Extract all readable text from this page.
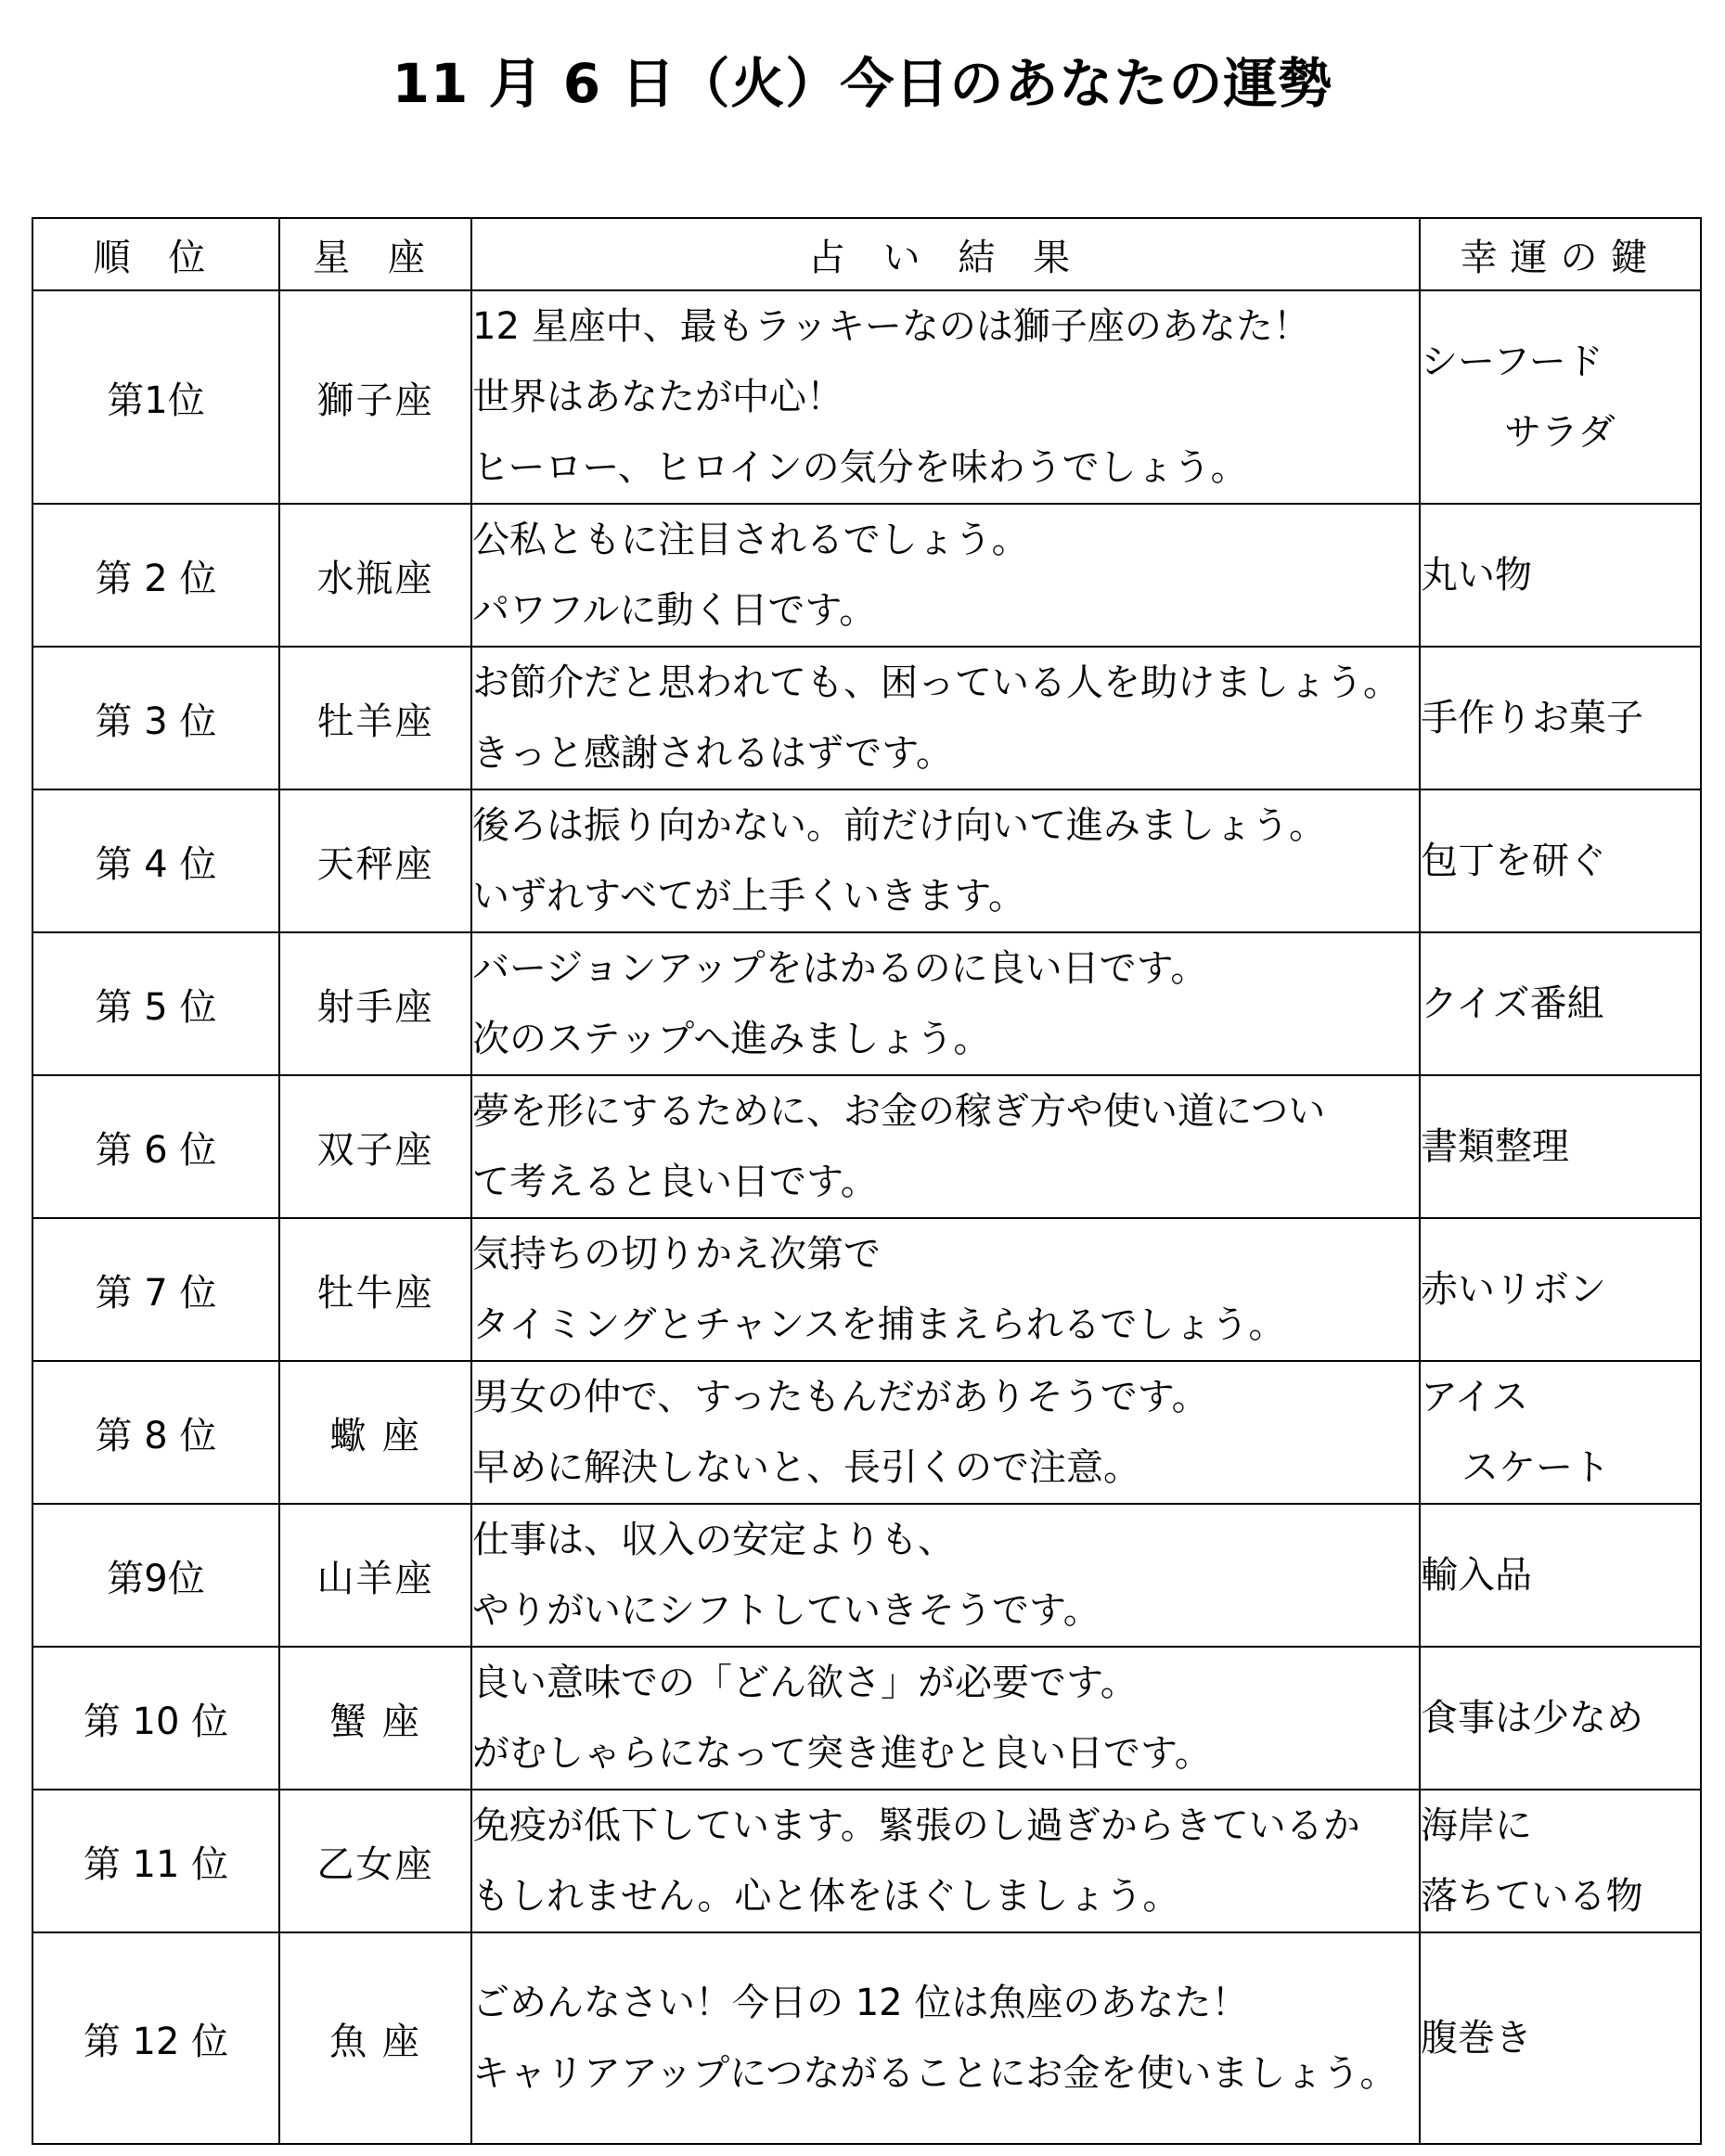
11 月 6 日（火）今日のあなたの運勢
順 位	星 座	占 い 結 果	幸運の鍵
第1位	獅子座	12 星座中、最もラッキーなのは獅子座のあなた！
世界はあなたが中心！
ヒーロー、ヒロインの気分を味わうでしょう。	シーフード
サラダ

第 2 位	水瓶座	公私ともに注目されるでしょう。
パワフルに動く日です。	丸い物

第 3 位	牡羊座	お節介だと思われても、困っている人を助けましょう。
きっと感謝されるはずです。	手作りお菓子

第 4 位	天秤座	後ろは振り向かない。前だけ向いて進みましょう。
いずれすべてが上手くいきます。	包丁を研ぐ

第 5 位	射手座	バージョンアップをはかるのに良い日です。
次のステップへ進みましょう。	クイズ番組

第 6 位	双子座	夢を形にするために、お金の稼ぎ方や使い道につい
て考えると良い日です。	書類整理

第 7 位	牡牛座	気持ちの切りかえ次第で
タイミングとチャンスを捕まえられるでしょう。	赤いリボン

第 8 位	蠍 座	男女の仲で、すったもんだがありそうです。
早めに解決しないと、長引くので注意。	アイス
スケート

第9位	山羊座	仕事は、収入の安定よりも、
やりがいにシフトしていきそうです。	輸入品

第 10 位	蟹 座	良い意味での「どん欲さ」が必要です。
がむしゃらになって突き進むと良い日です。	食事は少なめ

第 11 位	乙女座	免疫が低下しています。緊張のし過ぎからきているか
もしれません。心と体をほぐしましょう。	海岸に
落ちている物

第 12 位	魚 座	ごめんなさい！今日の 12 位は魚座のあなた！
キャリアアップにつながることにお金を使いましょう。	腹巻き
